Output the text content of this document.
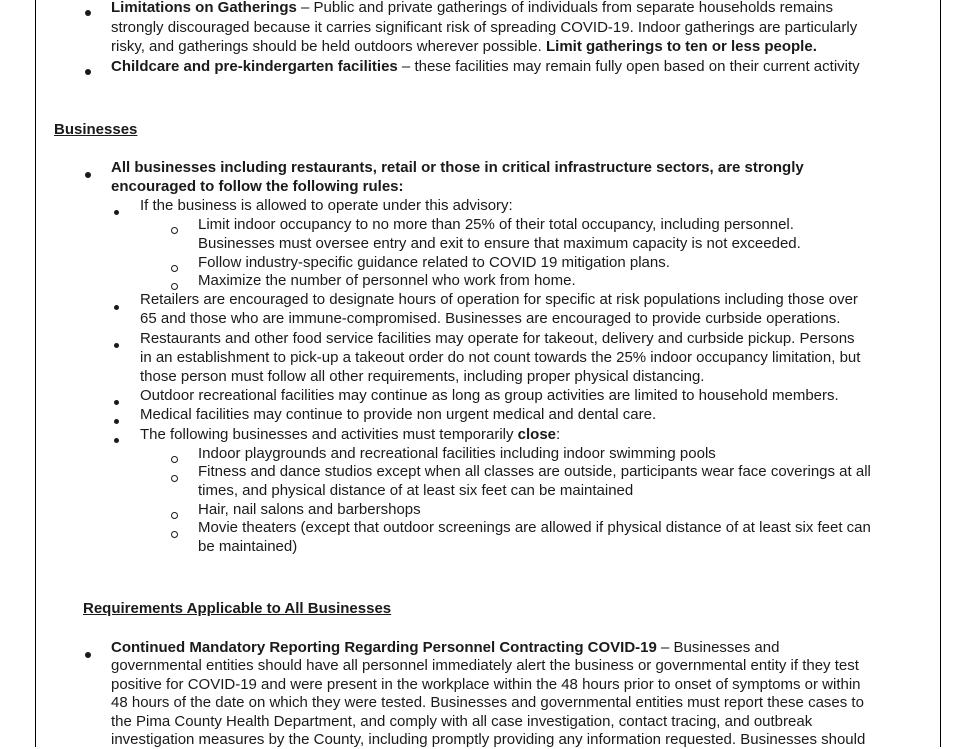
Limitations on Gatherings – Public and private gatherings of individuals from separate households remains
strongly discouraged because it carries significant risk of spreading COVID-19. Indoor gatherings are particularly
risky, and gatherings should be held outdoors wherever possible. Limit gatherings to ten or less people.
Childcare and pre-kindergarten facilities – these facilities may remain fully open based on their current activity
Businesses
All businesses including restaurants, retail or those in critical infrastructure sectors, are strongly
encouraged to follow the following rules:
If the business is allowed to operate under this advisory:
Limit indoor occupancy to no more than 25% of their total occupancy, including personnel.
Businesses must oversee entry and exit to ensure that maximum capacity is not exceeded.
Follow industry-specific guidance related to COVID 19 mitigation plans.
Maximize the number of personnel who work from home.
Retailers are encouraged to designate hours of operation for specific at risk populations including those over
65 and those who are immune-compromised. Businesses are encouraged to provide curbside operations.
Restaurants and other food service facilities may operate for takeout, delivery and curbside pickup. Persons
in an establishment to pick-up a takeout order do not count towards the 25% indoor occupancy limitation, but
those person must follow all other requirements, including proper physical distancing.
Outdoor recreational facilities may continue as long as group activities are limited to household members.
Medical facilities may continue to provide non urgent medical and dental care.
The following businesses and activities must temporarily close:
Indoor playgrounds and recreational facilities including indoor swimming pools
Fitness and dance studios except when all classes are outside, participants wear face coverings at all
times, and physical distance of at least six feet can be maintained
Hair, nail salons and barbershops
Movie theaters (except that outdoor screenings are allowed if physical distance of at least six feet can
be maintained)
Requirements Applicable to All Businesses
Continued Mandatory Reporting Regarding Personnel Contracting COVID-19 – Businesses and
governmental entities should have all personnel immediately alert the business or governmental entity if they test
positive for COVID-19 and were present in the workplace within the 48 hours prior to onset of symptoms or within
48 hours of the date on which they were tested. Businesses and governmental entities must report these cases to
the Pima County Health Department, and comply with all case investigation, contact tracing, and outbreak
investigation measures by the County, including promptly providing any information requested. Businesses should
